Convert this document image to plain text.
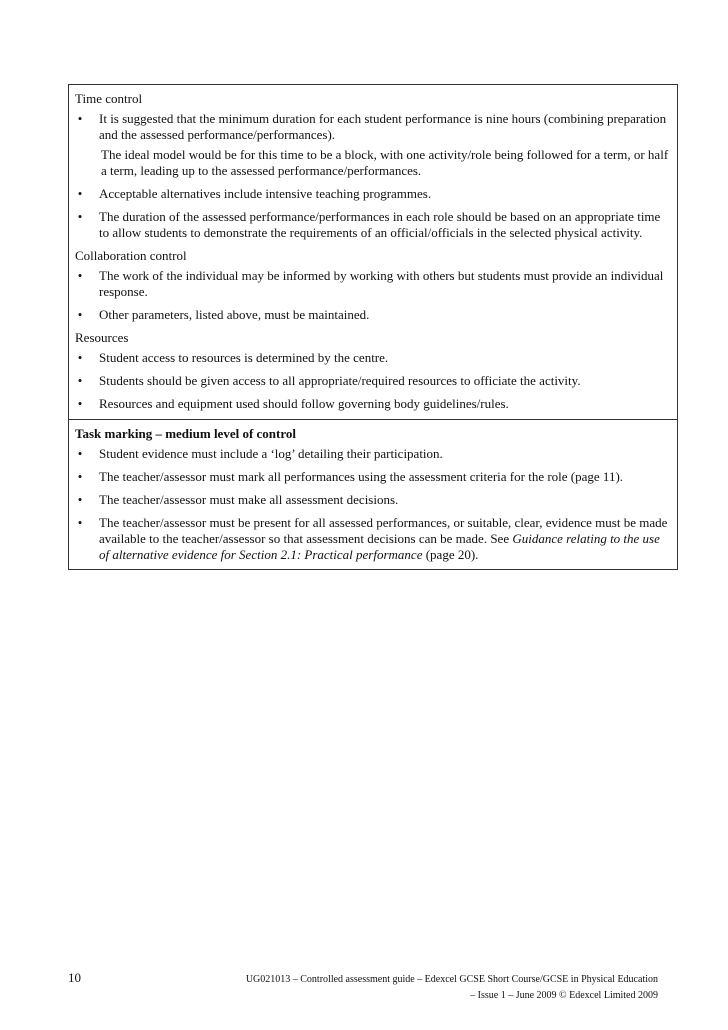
Time control
• It is suggested that the minimum duration for each student performance is nine hours (combining preparation and the assessed performance/performances).
The ideal model would be for this time to be a block, with one activity/role being followed for a term, or half a term, leading up to the assessed performance/performances.
• Acceptable alternatives include intensive teaching programmes.
• The duration of the assessed performance/performances in each role should be based on an appropriate time to allow students to demonstrate the requirements of an official/officials in the selected physical activity.
Collaboration control
• The work of the individual may be informed by working with others but students must provide an individual response.
• Other parameters, listed above, must be maintained.
Resources
• Student access to resources is determined by the centre.
• Students should be given access to all appropriate/required resources to officiate the activity.
• Resources and equipment used should follow governing body guidelines/rules.
Task marking – medium level of control
• Student evidence must include a ‘log’ detailing their participation.
• The teacher/assessor must mark all performances using the assessment criteria for the role (page 11).
• The teacher/assessor must make all assessment decisions.
• The teacher/assessor must be present for all assessed performances, or suitable, clear, evidence must be made available to the teacher/assessor so that assessment decisions can be made. See Guidance relating to the use of alternative evidence for Section 2.1: Practical performance (page 20).
10	UG021013 – Controlled assessment guide – Edexcel GCSE Short Course/GCSE in Physical Education
– Issue 1 – June 2009 © Edexcel Limited 2009
